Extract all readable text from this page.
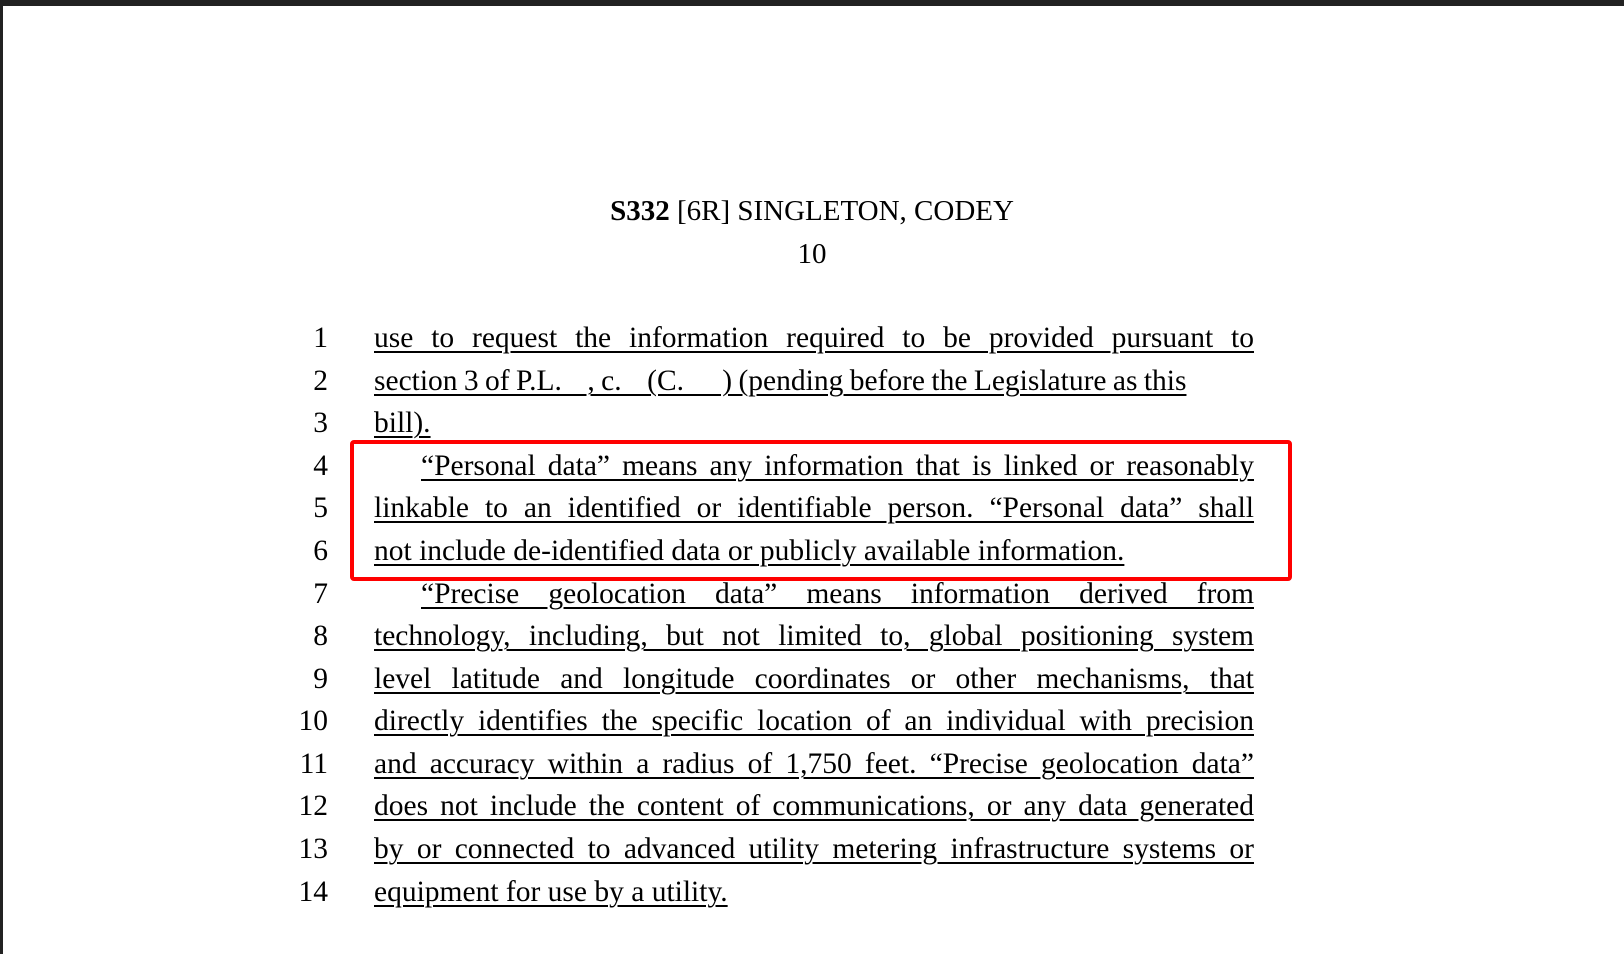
S332 [6R] SINGLETON, CODEY
10
1 use to request the information required to be provided pursuant to
2 section 3 of P.L.    , c.    (C.      ) (pending before the Legislature as this
3 bill).
4	“Personal data” means any information that is linked or reasonably
5 linkable to an identified or identifiable person. “Personal data” shall
6 not include de-identified data or publicly available information.
7	“Precise geolocation data” means information derived from
8 technology, including, but not limited to, global positioning system
9 level latitude and longitude coordinates or other mechanisms, that
10 directly identifies the specific location of an individual with precision
11 and accuracy within a radius of 1,750 feet. “Precise geolocation data”
12 does not include the content of communications, or any data generated
13 by or connected to advanced utility metering infrastructure systems or
14 equipment for use by a utility.
